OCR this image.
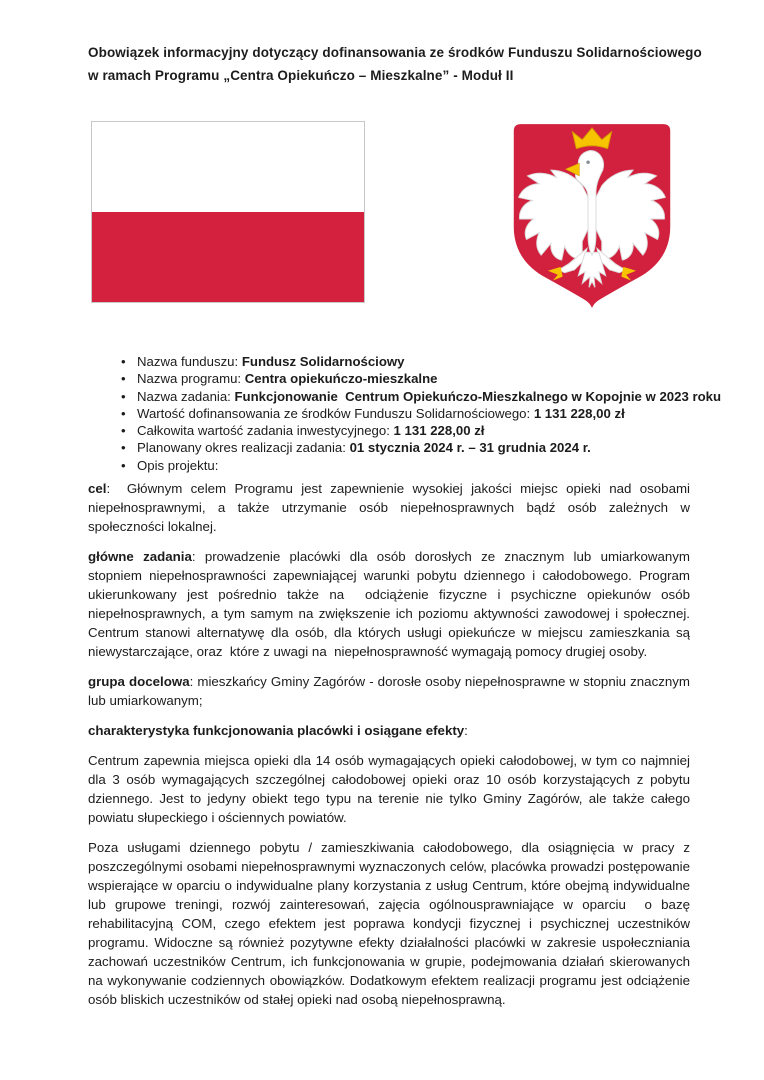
Obowiązek informacyjny dotyczący dofinansowania ze środków Funduszu Solidarnościowego
w ramach Programu „Centra Opiekuńczo – Mieszkalne” - Moduł II
• Nazwa funduszu: Fundusz Solidarnościowy
• Nazwa programu: Centra opiekuńczo-mieszkalne
• Nazwa zadania: Funkcjonowanie  Centrum Opiekuńczo-Mieszkalnego w Kopojnie w 2023 roku
• Wartość dofinansowania ze środków Funduszu Solidarnościowego: 1 131 228,00 zł
• Całkowita wartość zadania inwestycyjnego: 1 131 228,00 zł
• Planowany okres realizacji zadania: 01 stycznia 2024 r. – 31 grudnia 2024 r.
• Opis projektu:

cel:  Głównym celem Programu jest zapewnienie wysokiej jakości miejsc opieki nad osobami niepełnosprawnymi, a także utrzymanie osób niepełnosprawnych bądź osób zależnych w społeczności lokalnej.

główne zadania: prowadzenie placówki dla osób dorosłych ze znacznym lub umiarkowanym stopniem niepełnosprawności zapewniającej warunki pobytu dziennego i całodobowego. Program ukierunkowany jest pośrednio także na  odciążenie fizyczne i psychiczne opiekunów osób niepełnosprawnych, a tym samym na zwiększenie ich poziomu aktywności zawodowej i społecznej. Centrum stanowi alternatywę dla osób, dla których usługi opiekuńcze w miejscu zamieszkania są niewystarczające, oraz  które z uwagi na  niepełnosprawność wymagają pomocy drugiej osoby.

grupa docelowa: mieszkańcy Gminy Zagórów - dorosłe osoby niepełnosprawne w stopniu znacznym lub umiarkowanym;

charakterystyka funkcjonowania placówki i osiągane efekty:

Centrum zapewnia miejsca opieki dla 14 osób wymagających opieki całodobowej, w tym co najmniej dla 3 osób wymagających szczególnej całodobowej opieki oraz 10 osób korzystających z pobytu dziennego. Jest to jedyny obiekt tego typu na terenie nie tylko Gminy Zagórów, ale także całego powiatu słupeckiego i ościennych powiatów.

Poza usługami dziennego pobytu / zamieszkiwania całodobowego, dla osiągnięcia w pracy z poszczególnymi osobami niepełnosprawnymi wyznaczonych celów, placówka prowadzi postępowanie wspierające w oparciu o indywidualne plany korzystania z usług Centrum, które obejmą indywidualne lub grupowe treningi, rozwój zainteresowań, zajęcia ogólnousprawniające w oparciu  o bazę rehabilitacyjną COM, czego efektem jest poprawa kondycji fizycznej i psychicznej uczestników programu. Widoczne są również pozytywne efekty działalności placówki w zakresie uspołeczniania zachowań uczestników Centrum, ich funkcjonowania w grupie, podejmowania działań skierowanych na wykonywanie codziennych obowiązków. Dodatkowym efektem realizacji programu jest odciążenie osób bliskich uczestników od stałej opieki nad osobą niepełnosprawną.
